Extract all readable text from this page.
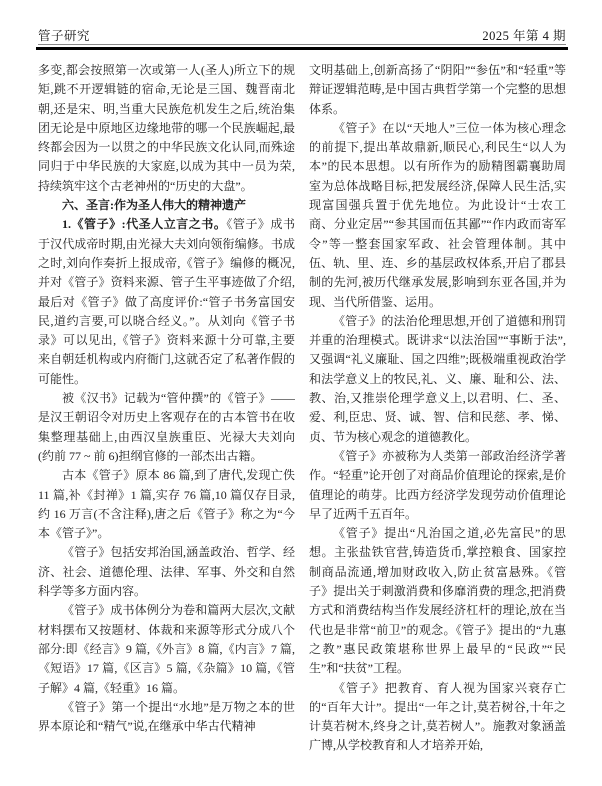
管子研究	2025 年第 4 期

多变,都会按照第一次或第一人(圣人)所立下的规矩,跳不开逻辑链的宿命,无论是三国、魏晋南北朝,还是宋、明,当重大民族危机发生之后,统治集团无论是中原地区边缘地带的哪一个民族崛起,最终都会因为一以贯之的中华民族文化认同,而殊途同归于中华民族的大家庭,以成为其中一员为荣,持续筑牢这个古老神州的“历史的大盘”。

六、圣言:作为圣人伟大的精神遗产

1.《管子》:代圣人立言之书。《管子》成书于汉代成帝时期,由光禄大夫刘向领衔编修。书成之时,刘向作奏折上报成帝,《管子》编修的概况,并对《管子》资料来源、管子生平事迹做了介绍,最后对《管子》做了高度评价:“管子书务富国安民,道约言要,可以晓合经义。”。从刘向《管子书录》可以见出,《管子》资料来源十分可靠,主要来自朝廷机构或内府衙门,这就否定了私著作假的可能性。

被《汉书》记载为“管仲撰”的《管子》——是汉王朝诏令对历史上客观存在的古本管书在收集整理基础上,由西汉皇族重臣、光禄大夫刘向(约前 77 ~ 前 6)担纲官修的一部杰出古籍。

古本《管子》原本 86 篇,到了唐代,发现亡佚 11 篇,补《封禅》1 篇,实存 76 篇,10 篇仅存目录,约 16 万言(不含注释),唐之后《管子》称之为“今本《管子》”。

《管子》包括安邦治国,涵盖政治、哲学、经济、社会、道德伦理、法律、军事、外交和自然科学等多方面内容。

《管子》成书体例分为卷和篇两大层次,文献材料摆布又按题材、体裁和来源等形式分成八个部分:即《经言》9 篇,《外言》8 篇,《内言》7 篇,《短语》17 篇,《区言》5 篇,《杂篇》10 篇,《管子解》4 篇,《轻重》16 篇。

《管子》第一个提出“水地”是万物之本的世界本原论和“精气”说,在继承中华古代精神

文明基础上,创新高扬了“阴阳”“参伍”和“轻重”等辩证逻辑范畴,是中国古典哲学第一个完整的思想体系。

《管子》在以“天地人”三位一体为核心理念的前提下,提出革故鼎新,顺民心,利民生“以人为本”的民本思想。以有所作为的励精图霸襄助周室为总体战略目标,把发展经济,保障人民生活,实现富国强兵置于优先地位。为此设计“士农工商、分业定居”“参其国而伍其鄙”“作内政而寄军令”等一整套国家军政、社会管理体制。其中伍、轨、里、连、乡的基层政权体系,开启了郡县制的先河,被历代继承发展,影响到东亚各国,并为现、当代所借鉴、运用。

《管子》的法治伦理思想,开创了道德和刑罚并重的治理模式。既讲求“以法治国”“事断于法”,又强调“礼义廉耻、国之四维”;既极端重视政治学和法学意义上的牧民,礼、义、廉、耻和公、法、教、治,又推崇伦理学意义上,以君明、仁、圣、爱、利,臣忠、贤、诚、智、信和民慈、孝、悌、贞、节为核心观念的道德教化。

《管子》亦被称为人类第一部政治经济学著作。“轻重”论开创了对商品价值理论的探索,是价值理论的萌芽。比西方经济学发现劳动价值理论早了近两千五百年。

《管子》提出“凡治国之道,必先富民”的思想。主张盐铁官营,铸造货币,掌控粮食、国家控制商品流通,增加财政收入,防止贫富悬殊。《管子》提出关于刺激消费和侈靡消费的理念,把消费方式和消费结构当作发展经济杠杆的理论,放在当代也是非常“前卫”的观念。《管子》提出的“九惠之教”惠民政策堪称世界上最早的“民政”“民生”和“扶贫”工程。

《管子》把教育、育人视为国家兴衰存亡的“百年大计”。提出“一年之计,莫若树谷,十年之计莫若树木,终身之计,莫若树人”。施教对象涵盖广博,从学校教育和人才培养开始,
